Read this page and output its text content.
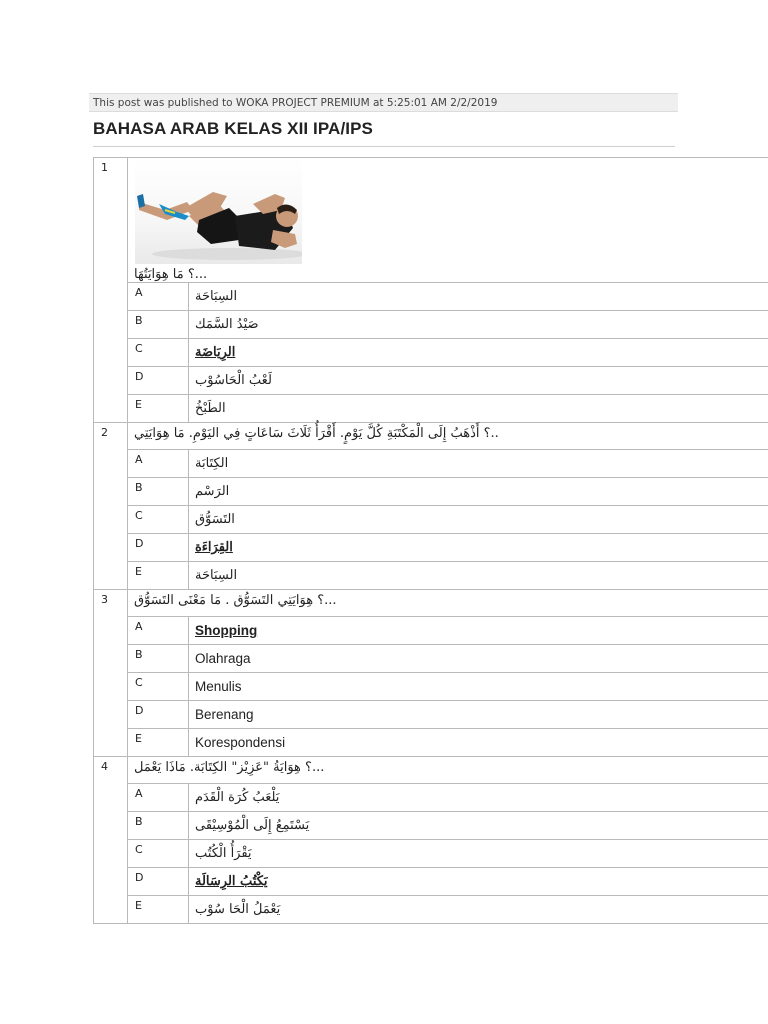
This post was published to WOKA PROJECT PREMIUM at 5:25:01 AM 2/2/2019
BAHASA ARAB KELAS XII IPA/IPS
1	؟ مَا هِوَايَتُهَا...	

	A	السِبَاحَة
	B	صَيْدُ السَّمَك
	C	الرِيَاضَة
	D	لَعْبُ الْحَاسُوْب
	E	الطَبْخُ
2	؟ أَذْهَبُ إِلَى الْمَكْتَبَةِ كُلَّ يَوْمٍ. أَقْرَأُ ثَلَاثَ سَاعَاتٍ فِي اليَوْمِ. مَا هِوَايَتِي..	

	A	الكِتَابَة
	B	الرَسْم
	C	التَسَوُّق
	D	القِرَاءَة
	E	السِبَاحَة
3	؟ هِوَايَتِي التَسَوُّق . مَا مَعْنَى التَسَوُّق...	

	A	Shopping
	B	Olahraga
	C	Menulis
	D	Berenang
	E	Korespondensi
4	؟ هِوَايَةُ "عَزِيْز" الكِتَابَة. مَاذَا يَعْمَل...	

	A	يَلْعَبُ كُرَة الْقَدَم
	B	يَسْتَمِعُ إِلَى الْمُوْسِيْقَى
	C	يَقْرَأُ الْكُتُب
	D	يَكْتُبُ الرِسَالَة
	E	يَعْمَلُ الْحَا سُوْب
